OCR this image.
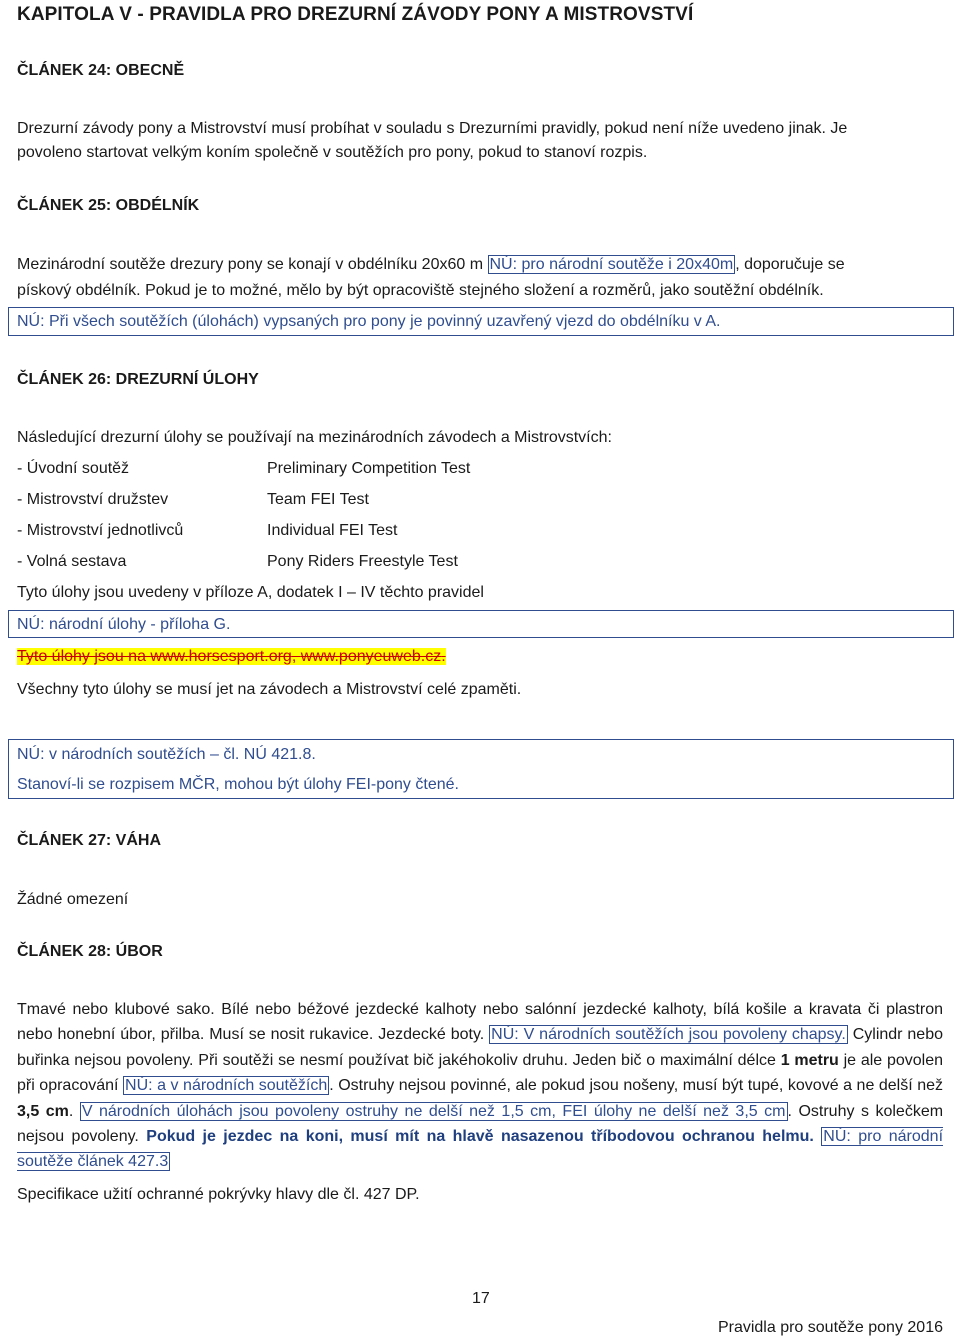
KAPITOLA V - PRAVIDLA PRO DREZURNÍ ZÁVODY PONY A MISTROVSTVÍ
ČLÁNEK 24: OBECNĚ
Drezurní závody pony a Mistrovství musí probíhat v souladu s Drezurními pravidly, pokud není níže uvedeno jinak. Je
povoleno startovat velkým koním společně v soutěžích pro pony, pokud to stanoví rozpis.
ČLÁNEK 25: OBDÉLNÍK
Mezinárodní soutěže drezury pony se konají v obdélníku 20x60 m NÚ: pro národní soutěže i 20x40m , doporučuje se
pískový obdélník. Pokud je to možné, mělo by být opracoviště stejného složení a rozměrů, jako soutěžní obdélník.
NÚ: Při všech soutěžích (úlohách) vypsaných pro pony je povinný uzavřený vjezd do obdélníku v A.
ČLÁNEK 26: DREZURNÍ ÚLOHY
Následující drezurní úlohy se používají na mezinárodních závodech a Mistrovstvích:
- Úvodní soutěž	Preliminary Competition Test
- Mistrovství družstev	Team FEI Test
- Mistrovství jednotlivců	Individual FEI Test
- Volná sestava	Pony Riders Freestyle Test
Tyto úlohy jsou uvedeny v příloze A, dodatek I – IV těchto pravidel
NÚ: národní úlohy - příloha G.
Tyto úlohy jsou na www.horsesport.org, www.ponyeuweb.cz.
Všechny tyto úlohy se musí jet na závodech a Mistrovství celé zpaměti.
NÚ: v národních soutěžích – čl. NÚ 421.8.
Stanoví-li se rozpisem MČR, mohou být úlohy FEI-pony čtené.
ČLÁNEK 27: VÁHA
Žádné omezení
ČLÁNEK 28: ÚBOR
Tmavé nebo klubové sako. Bílé nebo béžové jezdecké kalhoty nebo salónní jezdecké kalhoty, bílá košile a kravata či plastron nebo honební úbor, přilba. Musí se nosit rukavice. Jezdecké boty. NÚ: V národních soutěžích jsou povoleny chapsy. Cylindr nebo buřinka nejsou povoleny. Při soutěži se nesmí používat bič jakéhokoliv druhu. Jeden bič o maximální délce 1 metru je ale povolen při opracování NÚ: a v národních soutěžích . Ostruhy nejsou povinné, ale pokud jsou nošeny, musí být tupé, kovové a ne delší než 3,5 cm. V národních úlohách jsou povoleny ostruhy ne delší než 1,5 cm, FEI úlohy ne delší než 3,5 cm . Ostruhy s kolečkem nejsou povoleny. Pokud je jezdec na koni, musí mít na hlavě nasazenou tříbodovou ochranou helmu. NÚ: pro národní soutěže článek 427.3
Specifikace užití ochranné pokrývky hlavy dle čl. 427 DP.
17
Pravidla pro soutěže pony 2016
